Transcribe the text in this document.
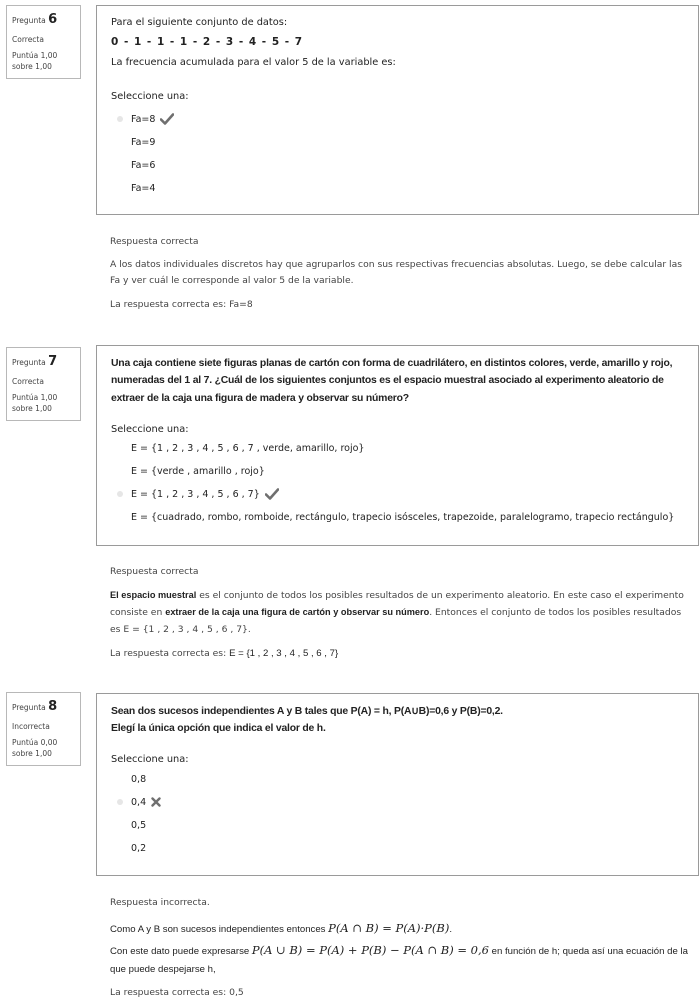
Pregunta 6
Correcta
Puntúa 1,00
sobre 1,00
Para el siguiente conjunto de datos:
0 - 1 - 1 - 1 - 2 - 3 - 4 - 5 - 7
La frecuencia acumulada para el valor 5 de la variable es:
Seleccione una:
Fa=8
Fa=9
Fa=6
Fa=4
Respuesta correcta
A los datos individuales discretos hay que agruparlos con sus respectivas frecuencias absolutas. Luego, se debe calcular las Fa y ver cuál le corresponde al valor 5 de la variable.
La respuesta correcta es: Fa=8
Pregunta 7
Correcta
Puntúa 1,00
sobre 1,00
Una caja contiene siete figuras planas de cartón con forma de cuadrilátero, en distintos colores, verde, amarillo y rojo, numeradas del 1 al 7. ¿Cuál de los siguientes conjuntos es el espacio muestral asociado al experimento aleatorio de extraer de la caja una figura de madera y observar su número?
Seleccione una:
E = {1 , 2 , 3 , 4 , 5 , 6 , 7 , verde, amarillo, rojo}
E = {verde , amarillo , rojo}
E = {1 , 2 , 3 , 4 , 5 , 6 , 7}
E = {cuadrado, rombo, romboide, rectángulo, trapecio isósceles, trapezoide, paralelogramo, trapecio rectángulo}
Respuesta correcta
El espacio muestral es el conjunto de todos los posibles resultados de un experimento aleatorio. En este caso el experimento consiste en extraer de la caja una figura de cartón y observar su número. Entonces el conjunto de todos los posibles resultados es E = {1 , 2 , 3 , 4 , 5 , 6 , 7}.
La respuesta correcta es: E = {1 , 2 , 3 , 4 , 5 , 6 , 7}
Pregunta 8
Incorrecta
Puntúa 0,00
sobre 1,00
Sean dos sucesos independientes A y B tales que P(A) = h, P(A∪B)=0,6 y P(B)=0,2.
Elegí la única opción que indica el valor de h.
Seleccione una:
0,8
0,4
0,5
0,2
Respuesta incorrecta.
Como A y B son sucesos independientes entonces P(A ∩ B) = P(A)·P(B).
Con este dato puede expresarse P(A ∪ B) = P(A) + P(B) − P(A ∩ B) = 0,6 en función de h; queda así una ecuación de la que puede despejarse h,
La respuesta correcta es: 0,5
